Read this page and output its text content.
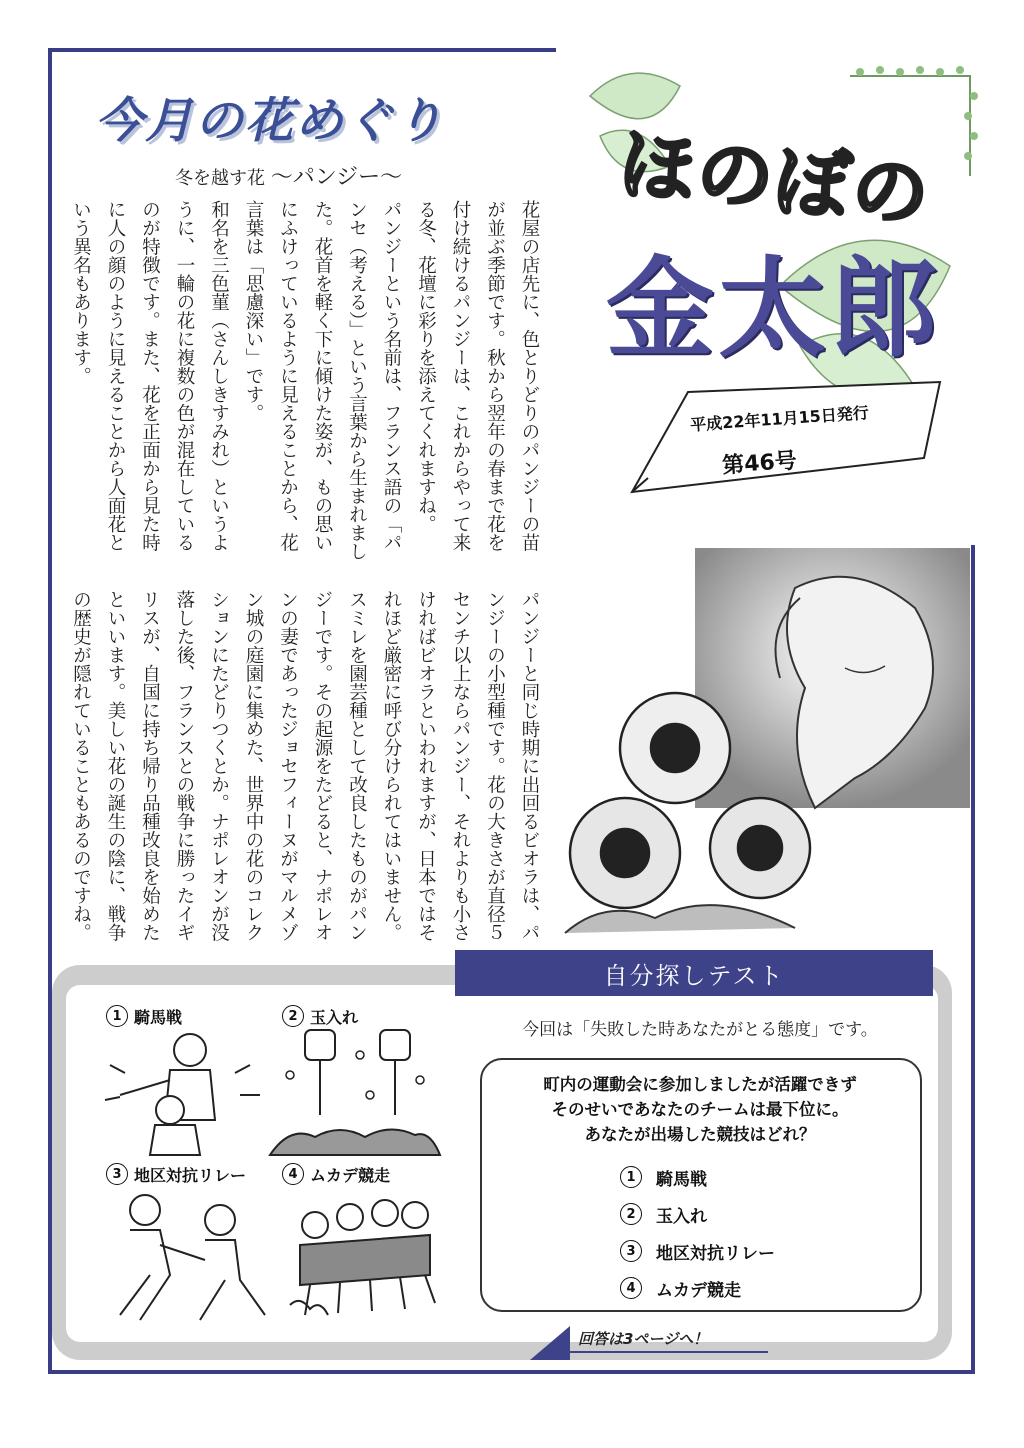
今月の花めぐり
冬を越す花 ～パンジー～

花屋の店先に、色とりどりのパンジーの苗が並ぶ季節です。秋から翌年の春まで花を付け続けるパンジーは、これからやって来る冬、花壇に彩りを添えてくれますね。

パンジーという名前は、フランス語の「パンセ（考える）」という言葉から生まれました。花首を軽く下に傾けた姿が、もの思いにふけっているように見えることから、花言葉は「思慮深い」です。

和名を三色菫（さんしきすみれ）というように、一輪の花に複数の色が混在しているのが特徴です。また、花を正面から見た時に人の顔のように見えることから人面花という異名もあります。

パンジーと同じ時期に出回るビオラは、パンジーの小型種です。花の大きさが直径５センチ以上ならパンジー、それよりも小さければビオラといわれますが、日本ではそれほど厳密に呼び分けられてはいません。

スミレを園芸種として改良したものがパンジーです。その起源をたどると、ナポレオンの妻であったジョセフィーヌがマルメゾン城の庭園に集めた、世界中の花のコレクションにたどりつくとか。ナポレオンが没落した後、フランスとの戦争に勝ったイギリスが、自国に持ち帰り品種改良を始めたといいます。美しい花の誕生の陰に、戦争の歴史が隠れていることもあるのですね。

ほのぼの
金太郎
平成22年11月15日発行
第46号
自分探しテスト
今回は「失敗した時あなたがとる態度」です。
町内の運動会に参加しましたが活躍できず
そのせいであなたのチームは最下位に。
あなたが出場した競技はどれ？
1	騎馬戦
2	玉入れ
3	地区対抗リレー
4	ムカデ競走
1 騎馬戦	2 玉入れ
3 地区対抗リレー	4 ムカデ競走
回答は3ページへ！
